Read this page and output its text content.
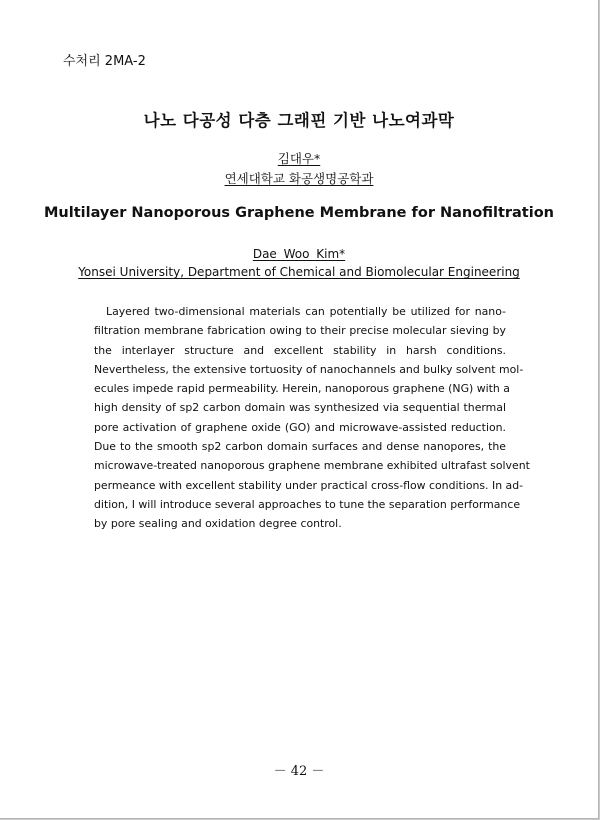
수처리 2MA-2
나노 다공성 다층 그래핀 기반 나노여과막
김대우*
연세대학교 화공생명공학과
Multilayer Nanoporous Graphene Membrane for Nanofiltration
Dae Woo Kim*
Yonsei University, Department of Chemical and Biomolecular Engineering
Layered two-dimensional materials can potentially be utilized for nano-
filtration membrane fabrication owing to their precise molecular sieving by
the interlayer structure and excellent stability in harsh conditions.
Nevertheless, the extensive tortuosity of nanochannels and bulky solvent mol-
ecules impede rapid permeability. Herein, nanoporous graphene (NG) with a
high density of sp2 carbon domain was synthesized via sequential thermal
pore activation of graphene oxide (GO) and microwave-assisted reduction.
Due to the smooth sp2 carbon domain surfaces and dense nanopores, the
microwave-treated nanoporous graphene membrane exhibited ultrafast solvent
permeance with excellent stability under practical cross-flow conditions. In ad-
dition, I will introduce several approaches to tune the separation performance
by pore sealing and oxidation degree control.
－ 42 －
